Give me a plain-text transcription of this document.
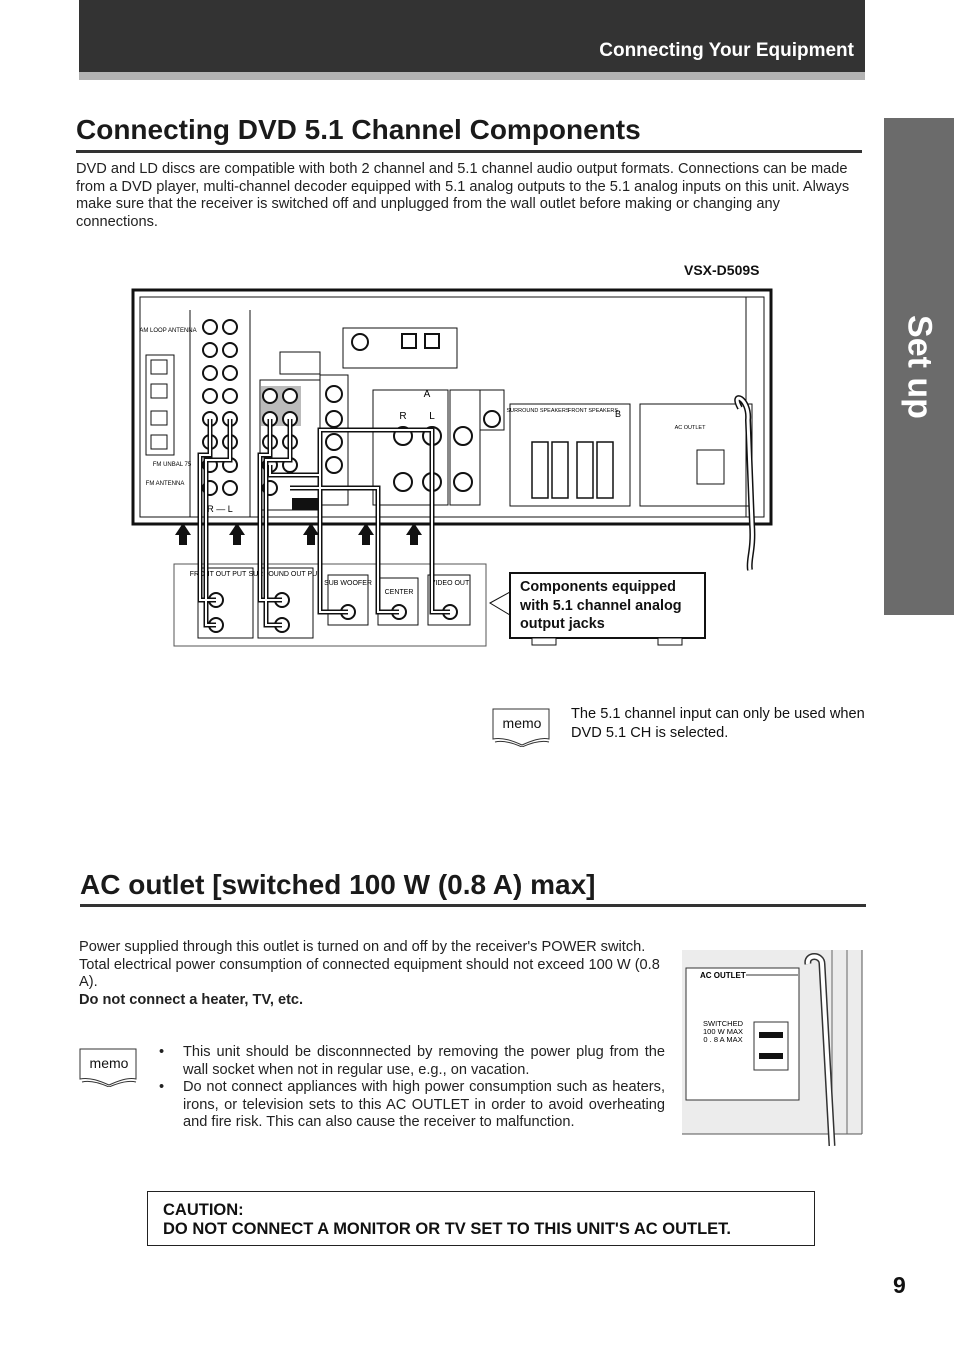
Connecting Your Equipment
Set up
Connecting DVD 5.1 Channel Components
DVD and LD discs are compatible with both 2 channel and 5.1 channel audio output formats. Connections can be made from a DVD player, multi-channel decoder equipped with 5.1 analog outputs to the 5.1 analog inputs on this unit. Always make sure that the receiver is switched off and unplugged from the wall outlet before making or changing any connections.
VSX-D509S
AM LOOP ANTENNA
FM UNBAL 75
FM ANTENNA
R — L
A
R L	SURROUND SPEAKERS
FRONT SPEAKERS
B
AC OUTLET
FRONT OUT PUT SURROUND OUT PUT
SUB WOOFER
CENTER
VIDEO OUT	Components equipped with 5.1 channel analog output jacks
memo
The 5.1 channel input can only be used when DVD 5.1 CH is selected.
AC outlet [switched 100 W (0.8 A) max]
Power supplied through this outlet is turned on and off by the receiver's POWER switch.
Total electrical power consumption of connected equipment should not exceed 100 W (0.8 A).
Do not connect a heater, TV, etc.
memo
• This unit should be disconnnected by removing the power plug from the wall socket when not in regular use, e.g., on vacation.
• Do not connect appliances with high power consumption such as heaters, irons, or television sets to this AC OUTLET in order to avoid overheating and fire risk. This can also cause the receiver to malfunction.
AC OUTLET
SWITCHED
100 W MAX
0 . 8 A MAX
CAUTION:
DO NOT CONNECT A MONITOR OR TV SET TO THIS UNIT'S AC OUTLET.
9
